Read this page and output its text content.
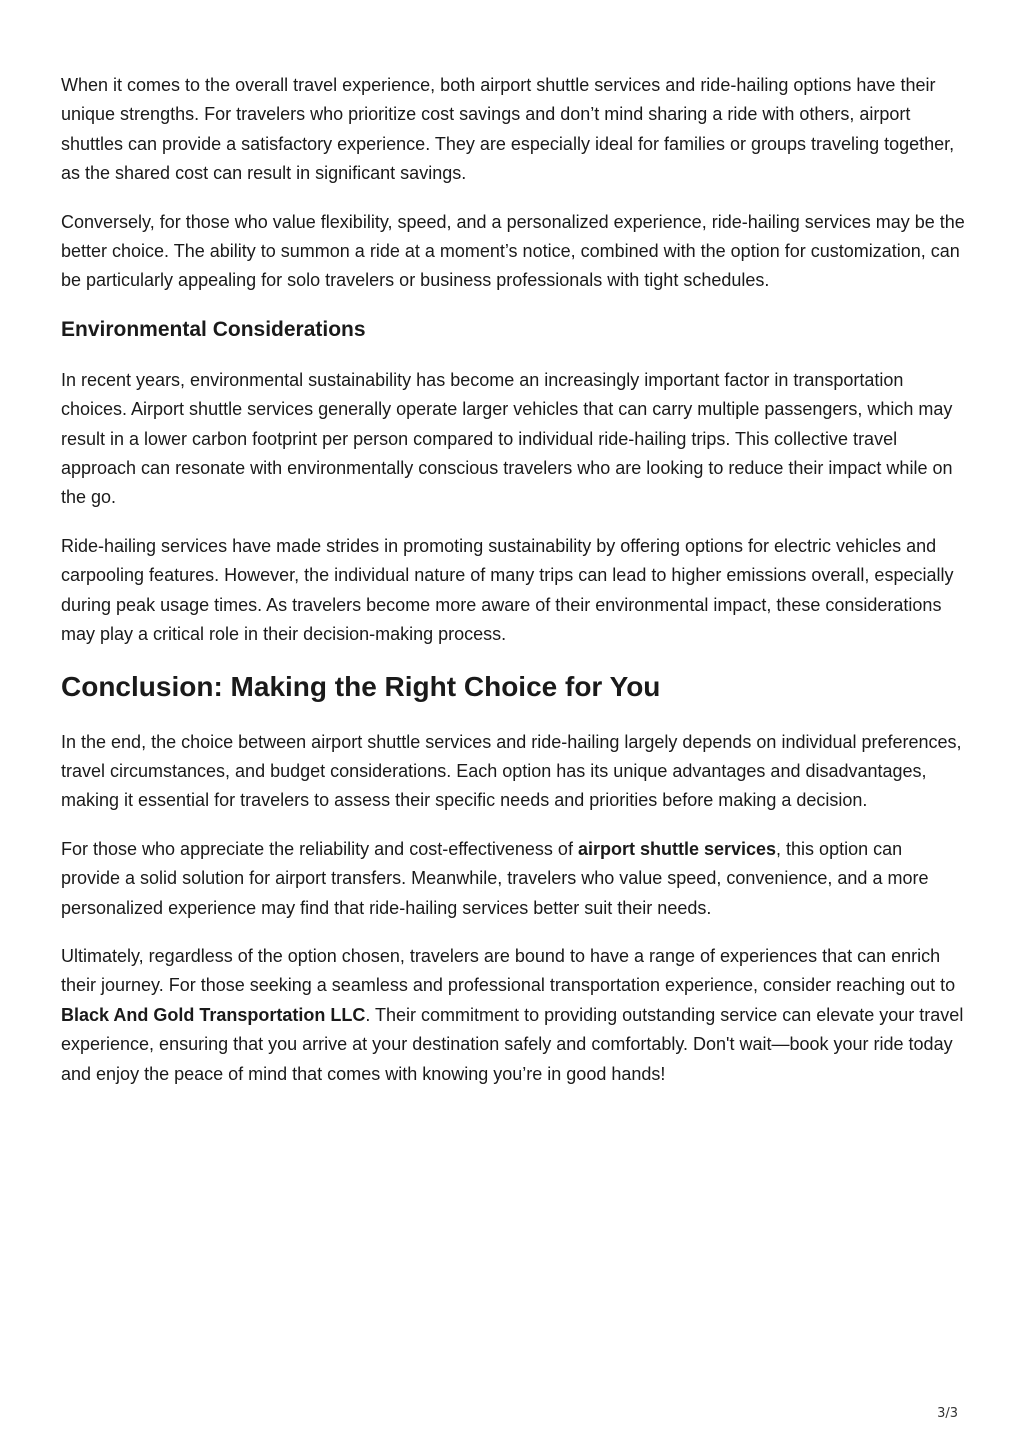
When it comes to the overall travel experience, both airport shuttle services and ride-hailing options have their unique strengths. For travelers who prioritize cost savings and don’t mind sharing a ride with others, airport shuttles can provide a satisfactory experience. They are especially ideal for families or groups traveling together, as the shared cost can result in significant savings.

Conversely, for those who value flexibility, speed, and a personalized experience, ride-hailing services may be the better choice. The ability to summon a ride at a moment’s notice, combined with the option for customization, can be particularly appealing for solo travelers or business professionals with tight schedules.

Environmental Considerations

In recent years, environmental sustainability has become an increasingly important factor in transportation choices. Airport shuttle services generally operate larger vehicles that can carry multiple passengers, which may result in a lower carbon footprint per person compared to individual ride-hailing trips. This collective travel approach can resonate with environmentally conscious travelers who are looking to reduce their impact while on the go.

Ride-hailing services have made strides in promoting sustainability by offering options for electric vehicles and carpooling features. However, the individual nature of many trips can lead to higher emissions overall, especially during peak usage times. As travelers become more aware of their environmental impact, these considerations may play a critical role in their decision-making process.

Conclusion: Making the Right Choice for You

In the end, the choice between airport shuttle services and ride-hailing largely depends on individual preferences, travel circumstances, and budget considerations. Each option has its unique advantages and disadvantages, making it essential for travelers to assess their specific needs and priorities before making a decision.

For those who appreciate the reliability and cost-effectiveness of airport shuttle services, this option can provide a solid solution for airport transfers. Meanwhile, travelers who value speed, convenience, and a more personalized experience may find that ride-hailing services better suit their needs.

Ultimately, regardless of the option chosen, travelers are bound to have a range of experiences that can enrich their journey. For those seeking a seamless and professional transportation experience, consider reaching out to Black And Gold Transportation LLC. Their commitment to providing outstanding service can elevate your travel experience, ensuring that you arrive at your destination safely and comfortably. Don't wait—book your ride today and enjoy the peace of mind that comes with knowing you’re in good hands!

3/3
